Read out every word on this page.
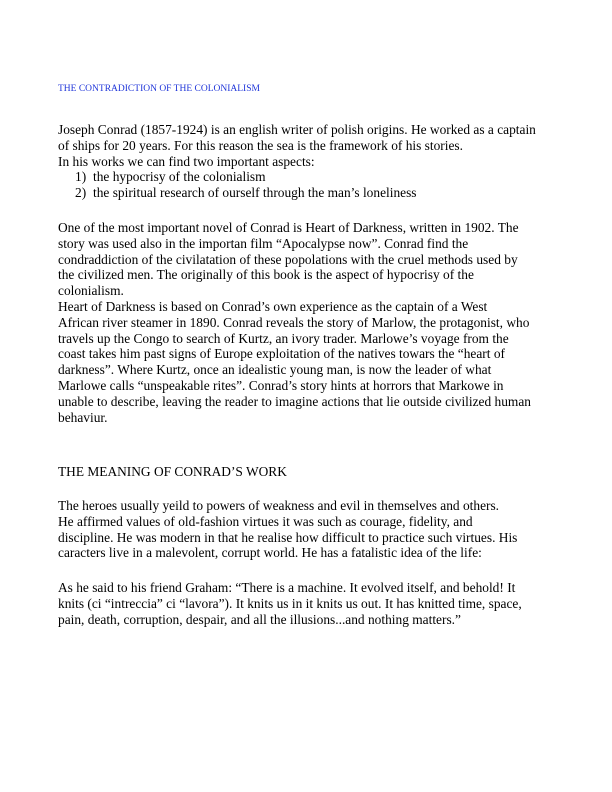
THE CONTRADICTION OF THE COLONIALISM

Joseph Conrad (1857-1924) is an english writer of polish origins. He worked as a captain
of ships for 20 years. For this reason the sea is the framework of his stories.
In his works we can find two important aspects:

1) the hypocrisy of the colonialism
2) the spiritual research of ourself through the man’s loneliness

One of the most important novel of Conrad is Heart of Darkness, written in 1902. The
story was used also in the importan film “Apocalypse now”. Conrad find the
condraddiction of the civilatation of these popolations with the cruel methods used by
the civilized men. The originally of this book is the aspect of hypocrisy of the
colonialism.
Heart of Darkness is based on Conrad’s own experience as the captain of a West
African river steamer in 1890. Conrad reveals the story of Marlow, the protagonist, who
travels up the Congo to search of Kurtz, an ivory trader. Marlowe’s voyage from the
coast takes him past signs of Europe exploitation of the natives towars the “heart of
darkness”. Where Kurtz, once an idealistic young man, is now the leader of what
Marlowe calls “unspeakable rites”. Conrad’s story hints at horrors that Markowe in
unable to describe, leaving the reader to imagine actions that lie outside civilized human
behaviur.

THE MEANING OF CONRAD’S WORK

The heroes usually yeild to powers of weakness and evil in themselves and others.
He affirmed values of old-fashion virtues it was such as courage, fidelity, and
discipline. He was modern in that he realise how difficult to practice such virtues. His
caracters live in a malevolent, corrupt world. He has a fatalistic idea of the life:

As he said to his friend Graham: “There is a machine. It evolved itself, and behold! It
knits (ci “intreccia” ci “lavora”). It knits us in it knits us out. It has knitted time, space,
pain, death, corruption, despair, and all the illusions...and nothing matters.”
